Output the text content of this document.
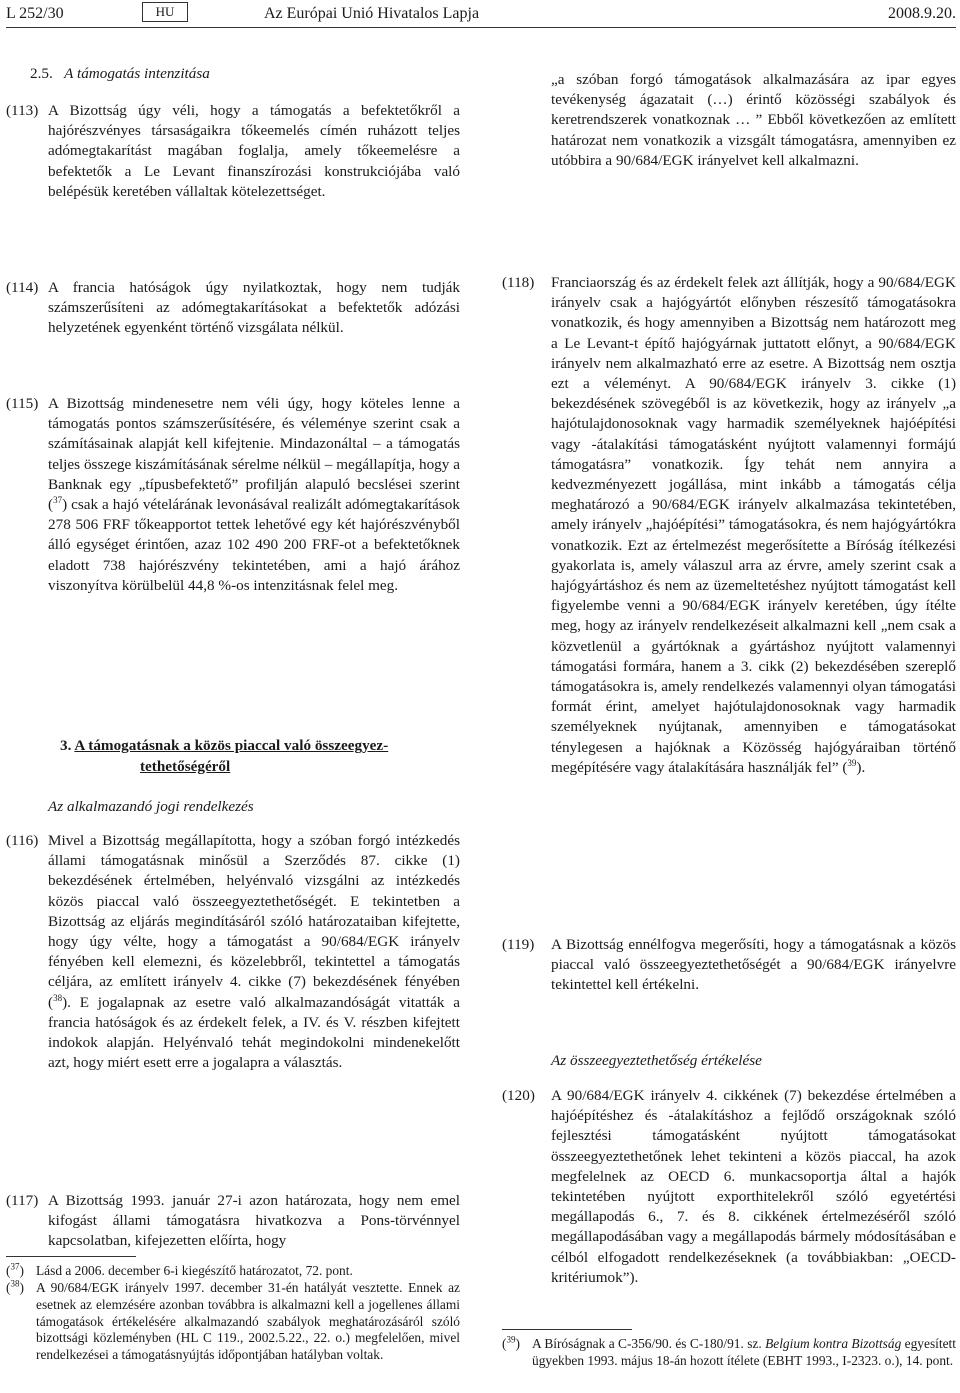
L 252/30	HU	Az Európai Unió Hivatalos Lapja	2008.9.20.
2.5. A támogatás intenzitása
(113) A Bizottság úgy véli, hogy a támogatás a befektetőkről a hajórészvényes társaságaikra tőkeemelés címén ruházott teljes adómegtakarítást magában foglalja, amely tőkeemelésre a befektetők a Le Levant finanszírozási konstrukciójába való belépésük keretében vállaltak kötelezettséget.
(114) A francia hatóságok úgy nyilatkoztak, hogy nem tudják számszerűsíteni az adómegtakarításokat a befektetők adózási helyzetének egyenként történő vizsgálata nélkül.
(115) A Bizottság mindenesetre nem véli úgy, hogy köteles lenne a támogatás pontos számszerűsítésére, és véleménye szerint csak a számításainak alapját kell kifejtenie. Mindazonáltal – a támogatás teljes összege kiszámításának sérelme nélkül – megállapítja, hogy a Banknak egy „típusbefektető” profilján alapuló becslései szerint ($^{37}$) csak a hajó vételárának levonásával realizált adómegtakarítások 278 506 FRF tőkeapportot tettek lehetővé egy két hajórészvényből álló egységet érintően, azaz 102 490 200 FRF-ot a befektetőknek eladott 738 hajórészvény tekintetében, ami a hajó árához viszonyítva körülbelül 44,8 %-os intenzitásnak felel meg.
3. A támogatásnak a közös piaccal való összeegyez-
tethetőségéről
Az alkalmazandó jogi rendelkezés
(116) Mivel a Bizottság megállapította, hogy a szóban forgó intézkedés állami támogatásnak minősül a Szerződés 87. cikke (1) bekezdésének értelmében, helyénvaló vizsgálni az intézkedés közös piaccal való összeegyeztethetőségét. E tekintetben a Bizottság az eljárás megindításáról szóló határozataiban kifejtette, hogy úgy vélte, hogy a támogatást a 90/684/EGK irányelv fényében kell elemezni, és közelebbről, tekintettel a támogatás céljára, az említett irányelv 4. cikke (7) bekezdésének fényében ($^{38}$). E jogalapnak az esetre való alkalmazandóságát vitatták a francia hatóságok és az érdekelt felek, a IV. és V. részben kifejtett indokok alapján. Helyénvaló tehát megindokolni mindenekelőtt azt, hogy miért esett erre a jogalapra a választás.
(117) A Bizottság 1993. január 27-i azon határozata, hogy nem emel kifogást állami támogatásra hivatkozva a Pons-törvénnyel kapcsolatban, kifejezetten előírta, hogy
($^{37}$) Lásd a 2006. december 6-i kiegészítő határozatot, 72. pont.
($^{38}$) A 90/684/EGK irányelv 1997. december 31-én hatályát vesztette. Ennek az esetnek az elemzésére azonban továbbra is alkalmazni kell a jogellenes állami támogatások értékelésére alkalmazandó szabályok meghatározásáról szóló bizottsági közleményben (HL C 119., 2002.5.22., 22. o.) megfelelően, mivel rendelkezései a támogatásnyújtás időpontjában hatályban voltak.
„a szóban forgó támogatások alkalmazására az ipar egyes tevékenység ágazatait (…) érintő közösségi szabályok és keretrendszerek vonatkoznak … ” Ebből következően az említett határozat nem vonatkozik a vizsgált támogatásra, amennyiben ez utóbbira a 90/684/EGK irányelvet kell alkalmazni.
(118)	Franciaország és az érdekelt felek azt állítják, hogy a 90/684/EGK irányelv csak a hajógyártót előnyben részesítő támogatásokra vonatkozik, és hogy amennyiben a Bizottság nem határozott meg a Le Levant-t építő hajógyárnak juttatott előnyt, a 90/684/EGK irányelv nem alkalmazható erre az esetre. A Bizottság nem osztja ezt a véleményt. A 90/684/EGK irányelv 3. cikke (1) bekezdésének szövegéből is az következik, hogy az irányelv „a hajótulajdonosoknak vagy harmadik személyeknek hajóépítési vagy -átalakítási támogatásként nyújtott valamennyi formájú támogatásra” vonatkozik. Így tehát nem annyira a kedvezményezett jogállása, mint inkább a támogatás célja meghatározó a 90/684/EGK irányelv alkalmazása tekintetében, amely irányelv „hajóépítési” támogatásokra, és nem hajógyártókra vonatkozik. Ezt az értelmezést megerősítette a Bíróság ítélkezési gyakorlata is, amely válaszul arra az érvre, amely szerint csak a hajógyártáshoz és nem az üzemeltetéshez nyújtott támogatást kell figyelembe venni a 90/684/EGK irányelv keretében, úgy ítélte meg, hogy az irányelv rendelkezéseit alkalmazni kell „nem csak a közvetlenül a gyártóknak a gyártáshoz nyújtott valamennyi támogatási formára, hanem a 3. cikk (2) bekezdésében szereplő támogatásokra is, amely rendelkezés valamennyi olyan támogatási formát érint, amelyet hajótulajdonosoknak vagy harmadik személyeknek nyújtanak, amennyiben e támogatásokat ténylegesen a hajóknak a Közösség hajógyáraiban történő megépítésére vagy átalakítására használják fel” ($^{39}$).
(119)	A Bizottság ennélfogva megerősíti, hogy a támogatásnak a közös piaccal való összeegyeztethetőségét a 90/684/EGK irányelvre tekintettel kell értékelni.
Az összeegyeztethetőség értékelése
(120)	A 90/684/EGK irányelv 4. cikkének (7) bekezdése értelmében a hajóépítéshez és -átalakításhoz a fejlődő országoknak szóló fejlesztési támogatásként nyújtott támogatásokat összeegyeztethetőnek lehet tekinteni a közös piaccal, ha azok megfelelnek az OECD 6. munkacsoportja által a hajók tekintetében nyújtott exporthitelekről szóló egyetértési megállapodás 6., 7. és 8. cikkének értelmezéséről szóló megállapodásában vagy a megállapodás bármely módosításában e célból elfogadott rendelkezéseknek (a továbbiakban: „OECD-kritériumok”).
($^{39}$) A Bíróságnak a C-356/90. és C-180/91. sz. Belgium kontra Bizottság egyesített ügyekben 1993. május 18-án hozott ítélete (EBHT 1993., I-2323. o.), 14. pont.
